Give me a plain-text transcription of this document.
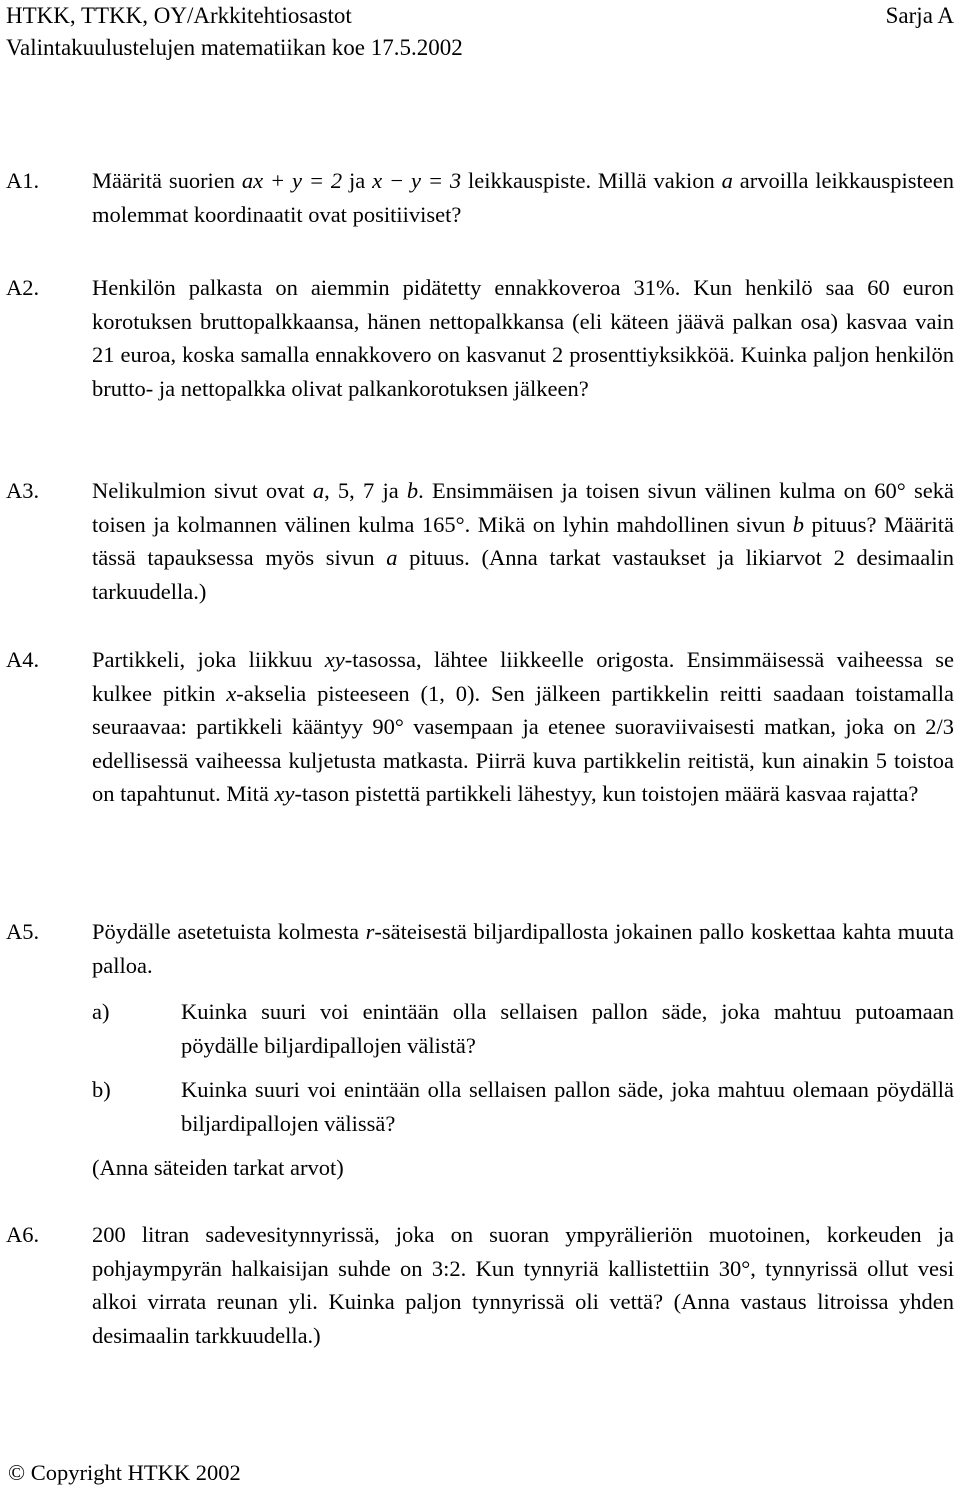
HTKK, TTKK, OY/Arkkitehtiosastot	Sarja A
Valintakuulustelujen matematiikan koe 17.5.2002
A1. Määritä suorien ax + y = 2 ja x − y = 3 leikkauspiste. Millä vakion a arvoilla leikkauspisteen molemmat koordinaatit ovat positiiviset?
A2. Henkilön palkasta on aiemmin pidätetty ennakkoveroa 31%. Kun henkilö saa 60 euron korotuksen bruttopalkkaansa, hänen nettopalkkansa (eli käteen jäävä palkan osa) kasvaa vain 21 euroa, koska samalla ennakkovero on kasvanut 2 prosenttiyksikköä. Kuinka paljon henkilön brutto- ja nettopalkka olivat palkankorotuksen jälkeen?
A3. Nelikulmion sivut ovat a, 5, 7 ja b. Ensimmäisen ja toisen sivun välinen kulma on 60° sekä toisen ja kolmannen välinen kulma 165°. Mikä on lyhin mahdollinen sivun b pituus? Määritä tässä tapauksessa myös sivun a pituus. (Anna tarkat vastaukset ja likiarvot 2 desimaalin tarkuudella.)
A4. Partikkeli, joka liikkuu xy-tasossa, lähtee liikkeelle origosta. Ensimmäisessä vaiheessa se kulkee pitkin x-akselia pisteeseen (1, 0). Sen jälkeen partikkelin reitti saadaan toistamalla seuraavaa: partikkeli kääntyy 90° vasempaan ja etenee suoraviivaisesti matkan, joka on 2/3 edellisessä vaiheessa kuljetusta matkasta. Piirrä kuva partikkelin reitistä, kun ainakin 5 toistoa on tapahtunut. Mitä xy-tason pistettä partikkeli lähestyy, kun toistojen määrä kasvaa rajatta?
A5. Pöydälle asetetuista kolmesta r-säteisestä biljardipallosta jokainen pallo koskettaa kahta muuta palloa.
a)	Kuinka suuri voi enintään olla sellaisen pallon säde, joka mahtuu putoamaan pöydälle biljardipallojen välistä?
b)	Kuinka suuri voi enintään olla sellaisen pallon säde, joka mahtuu olemaan pöydällä biljardipallojen välissä?
(Anna säteiden tarkat arvot)
A6. 200 litran sadevesitynnyrissä, joka on suoran ympyrälieriön muotoinen, korkeuden ja pohjaympyrän halkaisijan suhde on 3:2. Kun tynnyriä kallistettiin 30°, tynnyrissä ollut vesi alkoi virrata reunan yli. Kuinka paljon tynnyrissä oli vettä? (Anna vastaus litroissa yhden desimaalin tarkkuudella.)
© Copyright HTKK 2002
